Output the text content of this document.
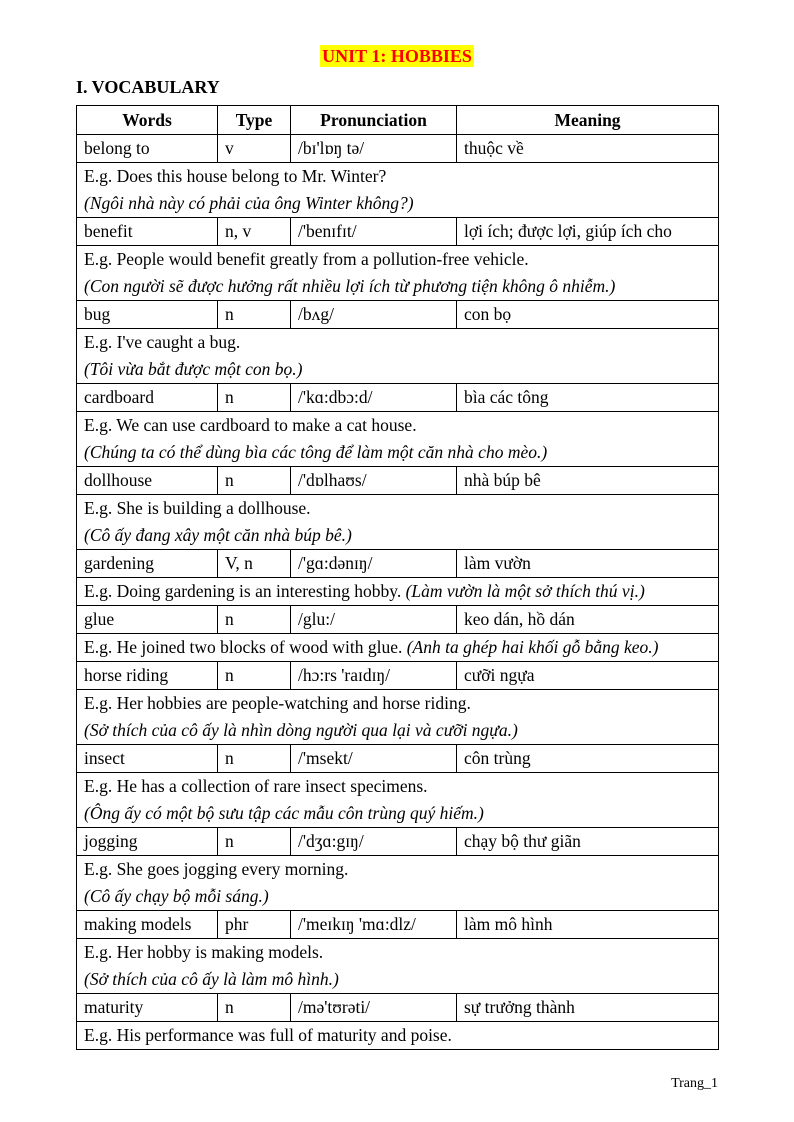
UNIT 1: HOBBIES
I. VOCABULARY
Words	Type	Pronunciation	Meaning
belong to	v	/bɪ'lɒŋ tə/	thuộc về
E.g. Does this house belong to Mr. Winter?
(Ngôi nhà này có phải của ông Winter không?)			
benefit	n, v	/'benɪfɪt/	lợi ích; được lợi, giúp ích cho
E.g. People would benefit greatly from a pollution-free vehicle.
(Con người sẽ được hưởng rất nhiều lợi ích từ phương tiện không ô nhiễm.)			
bug	n	/bʌg/	con bọ
E.g. I've caught a bug.
(Tôi vừa bắt được một con bọ.)			
cardboard	n	/'kɑ:dbɔ:d/	bìa các tông
E.g. We can use cardboard to make a cat house.
(Chúng ta có thể dùng bìa các tông để làm một căn nhà cho mèo.)			
dollhouse	n	/'dɒlhaʊs/	nhà búp bê
E.g. She is building a dollhouse.
(Cô ấy đang xây một căn nhà búp bê.)			
gardening	V, n	/'gɑ:dənɪŋ/	làm vườn
E.g. Doing gardening is an interesting hobby. (Làm vườn là một sở thích thú vị.)			
glue	n	/glu:/	keo dán, hồ dán
E.g. He joined two blocks of wood with glue. (Anh ta ghép hai khối gỗ bằng keo.)			
horse riding	n	/hɔ:rs 'raɪdɪŋ/	cưỡi ngựa
E.g. Her hobbies are people-watching and horse riding.
(Sở thích của cô ấy là nhìn dòng người qua lại và cưỡi ngựa.)			
insect	n	/'msekt/	côn trùng
E.g. He has a collection of rare insect specimens.
(Ông ấy có một bộ sưu tập các mẫu côn trùng quý hiếm.)			
jogging	n	/'dʒɑ:gɪŋ/	chạy bộ thư giãn
E.g. She goes jogging every morning.
(Cô ấy chạy bộ mỗi sáng.)			
making models	phr	/'meɪkɪŋ 'mɑ:dlz/	làm mô hình
E.g. Her hobby is making models.
(Sở thích của cô ấy là làm mô hình.)			
maturity	n	/mə'tʊrəti/	sự trưởng thành
E.g. His performance was full of maturity and poise.			
Trang_1
